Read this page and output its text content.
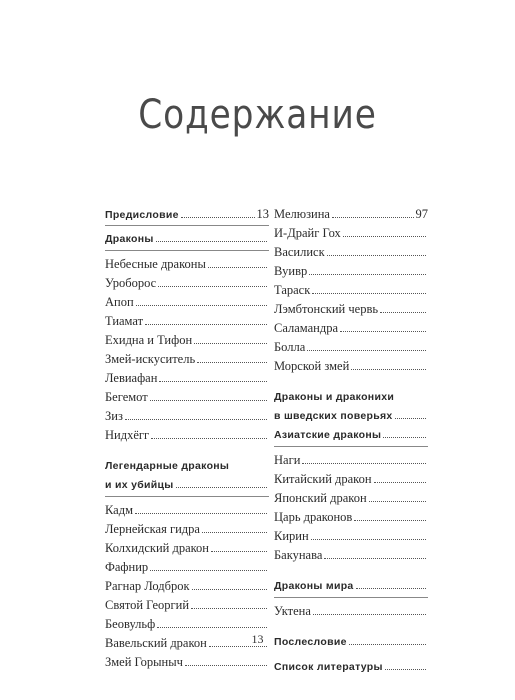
Содержание
Предисловие	13
Драконы
Небесные драконы
Уроборос
Апоп
Тиамат
Ехидна и Тифон
Змей-искуситель
Левиафан
Бегемот
Зиз
Нидхёгг
Легендарные драконы
и их убийцы
Кадм
Лернейская гидра
Колхидский дракон
Фафнир
Рагнар Лодброк
Святой Георгий
Беовульф
Вавельский дракон
Змей Горыныч
Мелюзина	97
И-Драйг Гох
Василиск
Вуивр
Тараск
Лэмбтонский червь
Саламандра
Болла
Морской змей
Драконы и драконихи
в шведских поверьях
Азиатские драконы
Наги
Китайский дракон
Японский дракон
Царь драконов
Кирин
Бакунава
Драконы мира
Уктена
Послесловие
Список литературы
13
